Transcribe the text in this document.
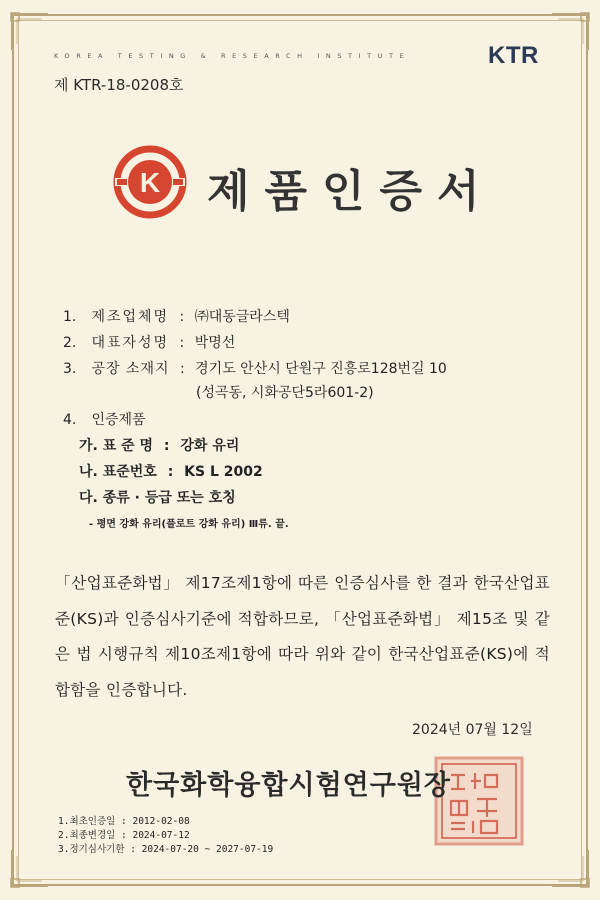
KOREA TESTING & RESEARCH INSTITUTE	KTR
제 KTR-18-0208호
K 제품인증서
1. 제조업체명 : ㈜대동글라스텍
2. 대표자성명 : 박명선
3. 공장 소재지 : 경기도 안산시 단원구 진흥로128번길 10
(성곡동, 시화공단5라601-2)
4. 인증제품
가. 표 준 명 : 강화 유리
나. 표준번호 : KS L 2002
다. 종류 · 등급 또는 호칭
- 평면 강화 유리(플로트 강화 유리) Ⅲ류. 끝.
「산업표준화법」 제17조제1항에 따른 인증심사를 한 결과 한국산업표준(KS)과 인증심사기준에 적합하므로, 「산업표준화법」 제15조 및 같은 법 시행규칙 제10조제1항에 따라 위와 같이 한국산업표준(KS)에 적합함을 인증합니다.
2024년 07월 12일
한국화학융합시험연구원장
1.최초인증일 : 2012-02-08
2.최종변경일 : 2024-07-12
3.정기심사기한 : 2024-07-20 ~ 2027-07-19
